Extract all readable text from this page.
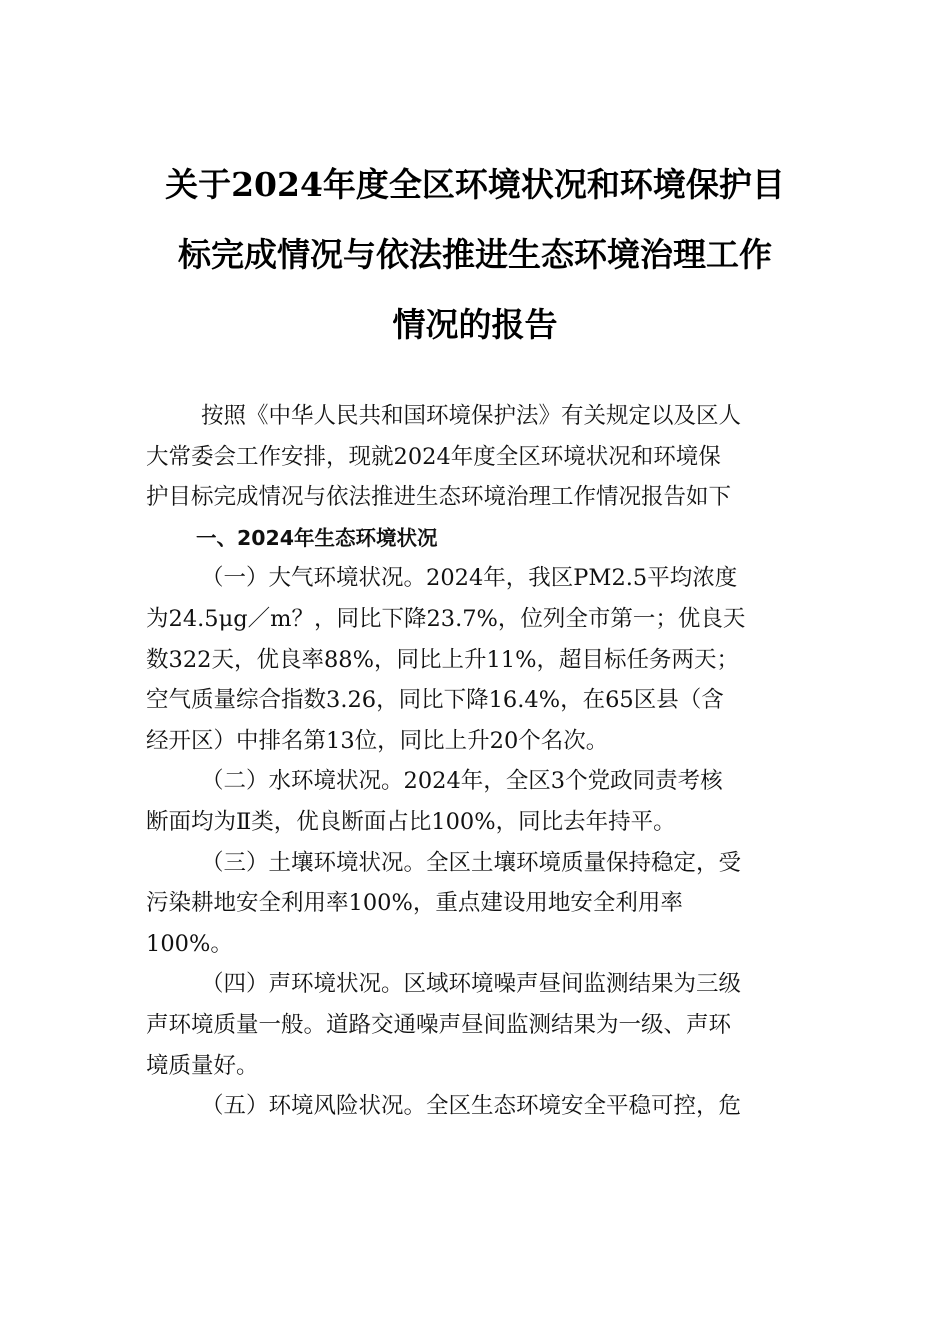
关于2024年度全区环境状况和环境保护目
标完成情况与依法推进生态环境治理工作
情况的报告

按照《中华人民共和国环境保护法》有关规定以及区人
大常委会工作安排，现就2024年度全区环境状况和环境保
护目标完成情况与依法推进生态环境治理工作情况报告如下

一、2024年生态环境状况

（一）大气环境状况。2024年，我区PM2.5平均浓度
为24.5μg／m？，同比下降23.7%，位列全市第一；优良天
数322天，优良率88%，同比上升11%，超目标任务两天；
空气质量综合指数3.26，同比下降16.4%，在65区县（含
经开区）中排名第13位，同比上升20个名次。

（二）水环境状况。2024年，全区3个党政同责考核
断面均为Ⅱ类，优良断面占比100%，同比去年持平。

（三）土壤环境状况。全区土壤环境质量保持稳定，受
污染耕地安全利用率100%，重点建设用地安全利用率
100%。

（四）声环境状况。区域环境噪声昼间监测结果为三级
声环境质量一般。道路交通噪声昼间监测结果为一级、声环
境质量好。

（五）环境风险状况。全区生态环境安全平稳可控，危
